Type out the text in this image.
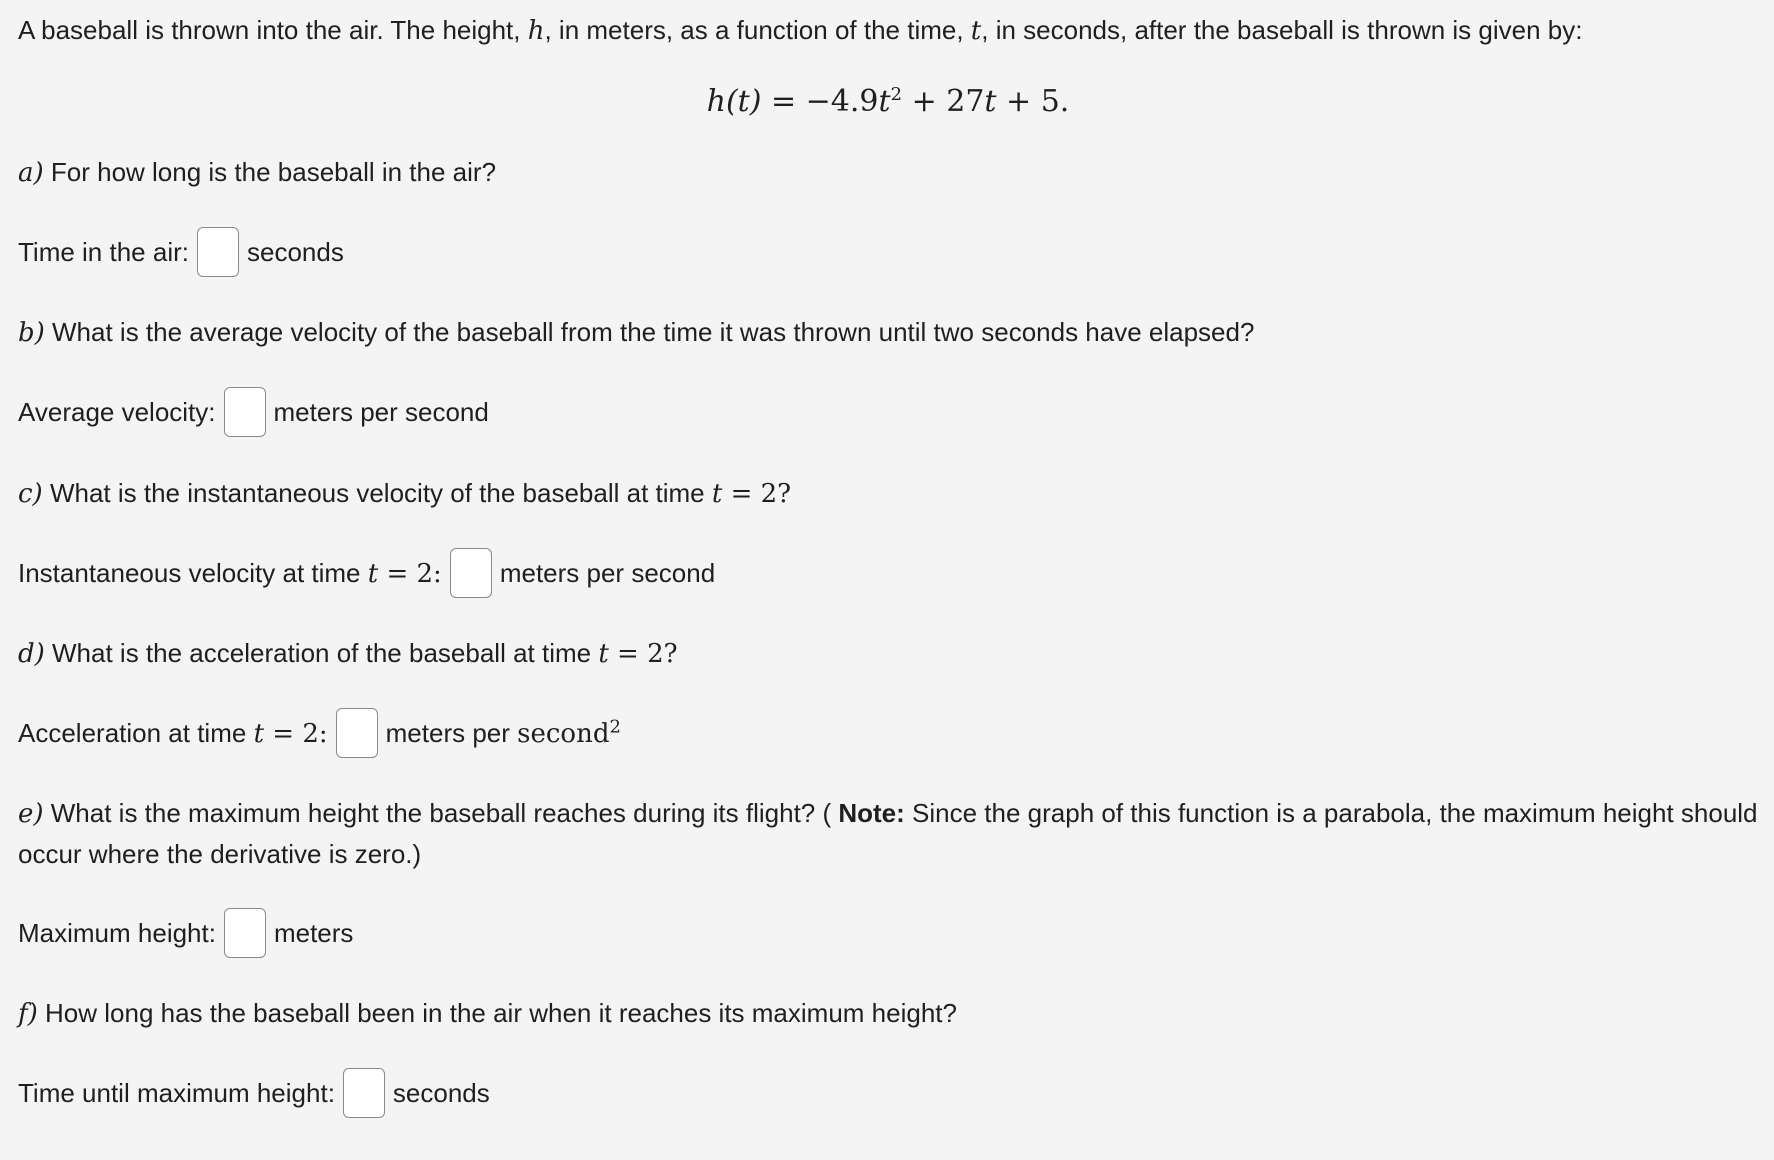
A baseball is thrown into the air. The height, h, in meters, as a function of the time, t, in seconds, after the baseball is thrown is given by:
$h(t) = -4.9t^2 + 27t + 5$.
a) For how long is the baseball in the air?
Time in the air: seconds
b) What is the average velocity of the baseball from the time it was thrown until two seconds have elapsed?
Average velocity: meters per second
c) What is the instantaneous velocity of the baseball at time t = 2?
Instantaneous velocity at time t = 2: meters per second
d) What is the acceleration of the baseball at time t = 2?
Acceleration at time t = 2: meters per second$^2$
e) What is the maximum height the baseball reaches during its flight? ( Note: Since the graph of this function is a parabola, the maximum height should occur where the derivative is zero.)
Maximum height: meters
f) How long has the baseball been in the air when it reaches its maximum height?
Time until maximum height: seconds
